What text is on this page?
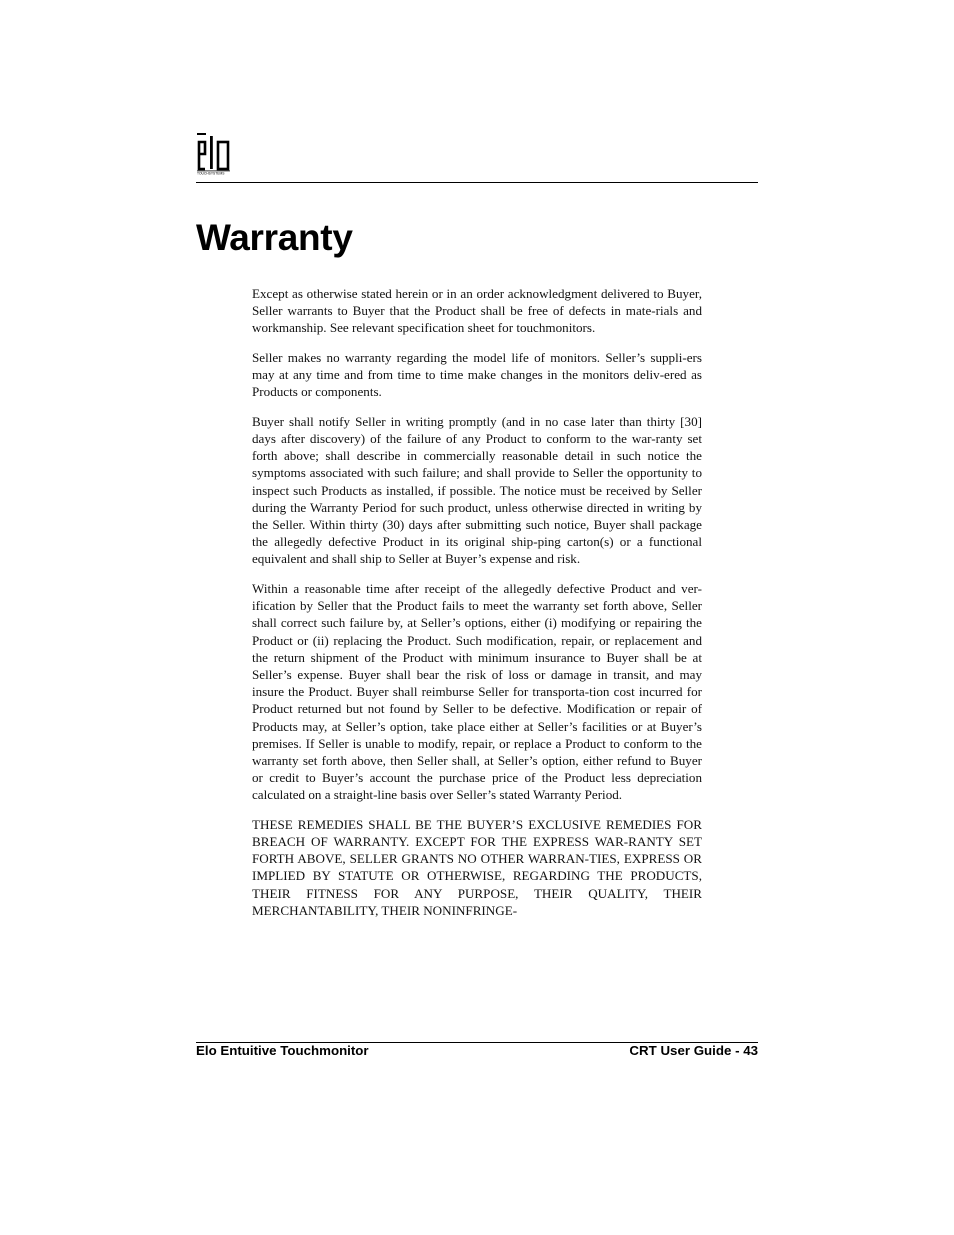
TOUCHSYSTEMS
Warranty

Except as otherwise stated herein or in an order acknowledgment delivered to Buyer, Seller warrants to Buyer that the Product shall be free of defects in mate-rials and workmanship. See relevant specification sheet for touchmonitors.

Seller makes no warranty regarding the model life of monitors. Seller’s suppli-ers may at any time and from time to time make changes in the monitors deliv-ered as Products or components.

Buyer shall notify Seller in writing promptly (and in no case later than thirty [30] days after discovery) of the failure of any Product to conform to the war-ranty set forth above; shall describe in commercially reasonable detail in such notice the symptoms associated with such failure; and shall provide to Seller the opportunity to inspect such Products as installed, if possible. The notice must be received by Seller during the Warranty Period for such product, unless otherwise directed in writing by the Seller. Within thirty (30) days after submitting such notice, Buyer shall package the allegedly defective Product in its original ship-ping carton(s) or a functional equivalent and shall ship to Seller at Buyer’s expense and risk.

Within a reasonable time after receipt of the allegedly defective Product and ver-ification by Seller that the Product fails to meet the warranty set forth above, Seller shall correct such failure by, at Seller’s options, either (i) modifying or repairing the Product or (ii) replacing the Product. Such modification, repair, or replacement and the return shipment of the Product with minimum insurance to Buyer shall be at Seller’s expense. Buyer shall bear the risk of loss or damage in transit, and may insure the Product. Buyer shall reimburse Seller for transporta-tion cost incurred for Product returned but not found by Seller to be defective. Modification or repair of Products may, at Seller’s option, take place either at Seller’s facilities or at Buyer’s premises. If Seller is unable to modify, repair, or replace a Product to conform to the warranty set forth above, then Seller shall, at Seller’s option, either refund to Buyer or credit to Buyer’s account the purchase price of the Product less depreciation calculated on a straight-line basis over Seller’s stated Warranty Period.

THESE REMEDIES SHALL BE THE BUYER’S EXCLUSIVE REMEDIES FOR BREACH OF WARRANTY. EXCEPT FOR THE EXPRESS WAR-RANTY SET FORTH ABOVE, SELLER GRANTS NO OTHER WARRAN-TIES, EXPRESS OR IMPLIED BY STATUTE OR OTHERWISE, REGARDING THE PRODUCTS, THEIR FITNESS FOR ANY PURPOSE, THEIR QUALITY, THEIR MERCHANTABILITY, THEIR NONINFRINGE-

Elo Entuitive Touchmonitor	CRT User Guide - 43
